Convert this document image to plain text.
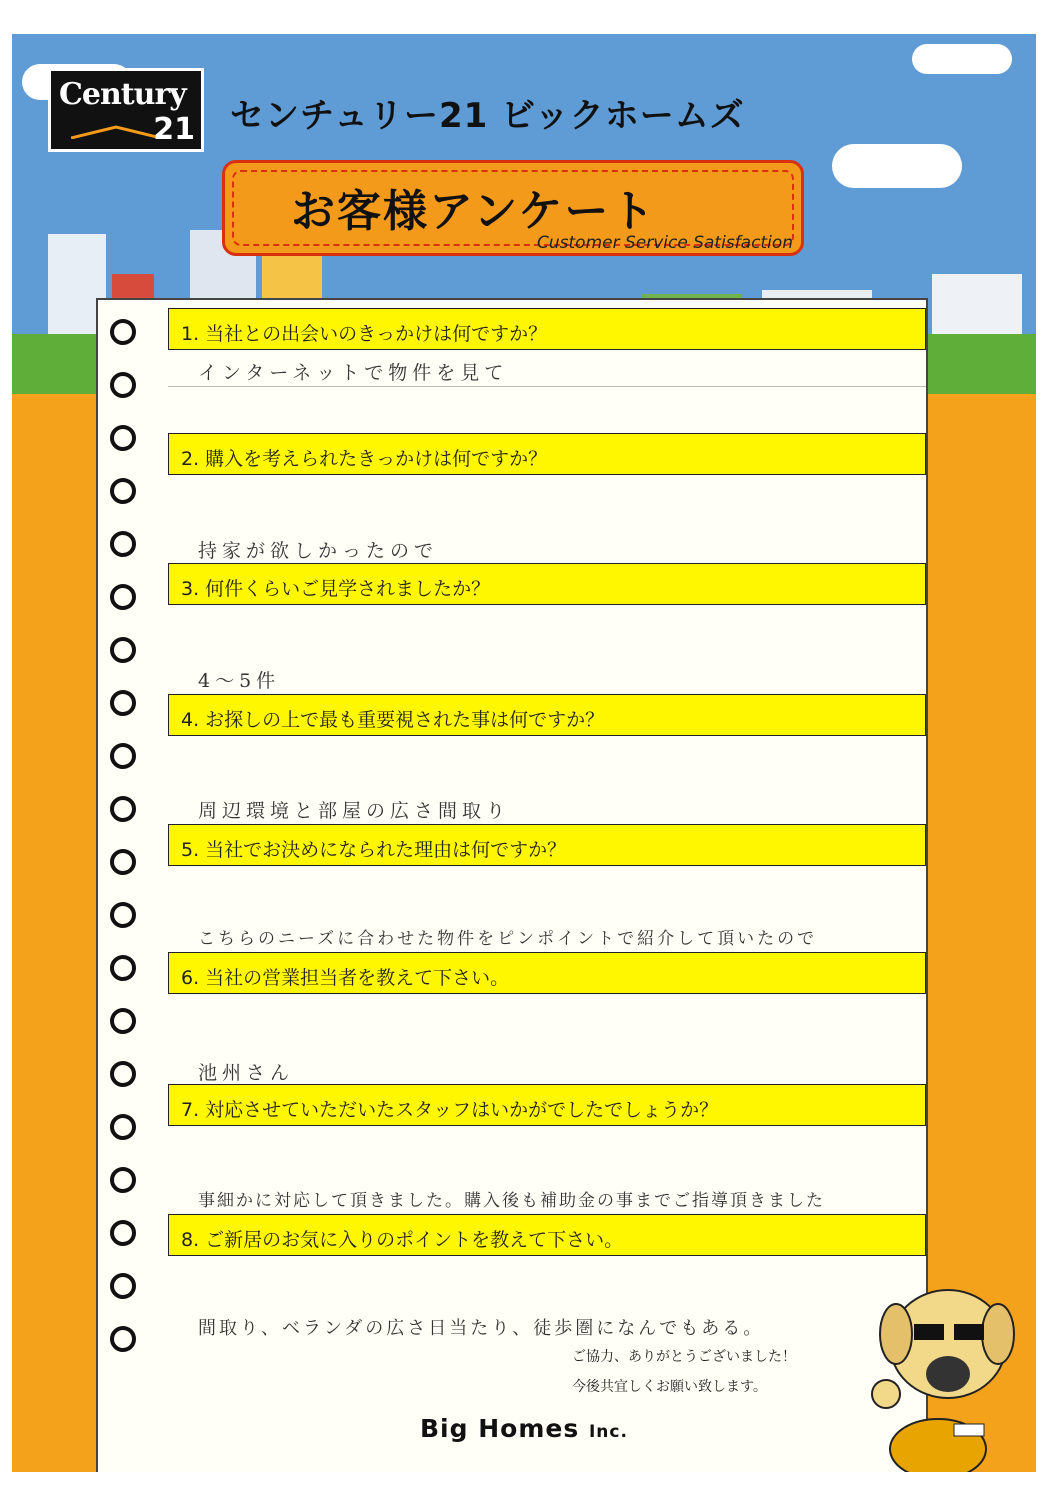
Century
21 センチュリー21 ビックホームズ
お客様アンケート
Customer Service Satisfaction
1. 当社との出会いのきっかけは何ですか？
インターネットで物件を見て
2. 購入を考えられたきっかけは何ですか？
持家が欲しかったので
3. 何件くらいご見学されましたか？
4〜5件
4. お探しの上で最も重要視された事は何ですか？
周辺環境と部屋の広さ間取り
5. 当社でお決めになられた理由は何ですか？
こちらのニーズに合わせた物件をピンポイントで紹介して頂いたので
6. 当社の営業担当者を教えて下さい。
池州さん
7. 対応させていただいたスタッフはいかがでしたでしょうか？
事細かに対応して頂きました。購入後も補助金の事までご指導頂きました
8. ご新居のお気に入りのポイントを教えて下さい。
間取り、ベランダの広さ日当たり、徒歩圏になんでもある。
ご協力、ありがとうございました！
今後共宜しくお願い致します。
Big Homes Inc.
